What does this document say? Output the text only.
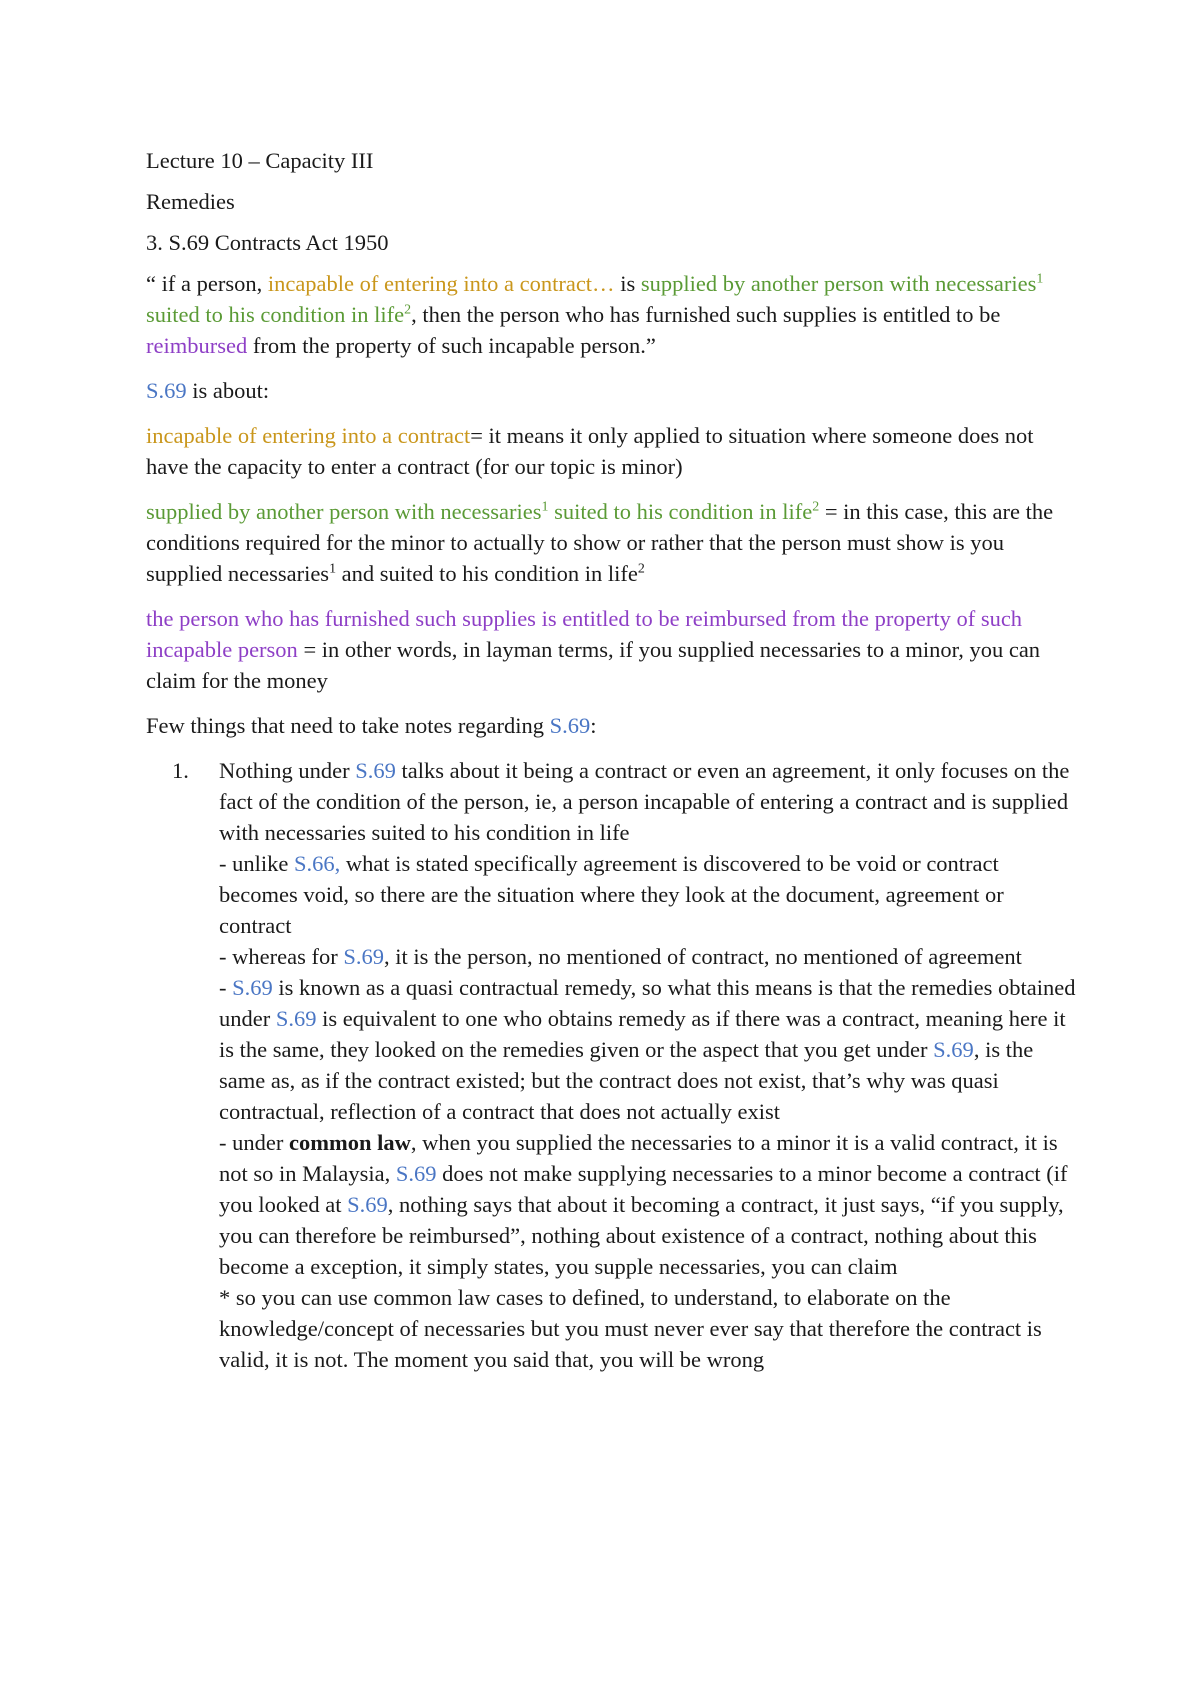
Lecture 10 – Capacity III

Remedies

3. S.69 Contracts Act 1950

“ if a person, incapable of entering into a contract… is supplied by another person with necessaries$^1$ suited to his condition in life$^2$, then the person who has furnished such supplies is entitled to be reimbursed from the property of such incapable person.”

S.69 is about:

incapable of entering into a contract= it means it only applied to situation where someone does not have the capacity to enter a contract (for our topic is minor)

supplied by another person with necessaries$^1$ suited to his condition in life$^2$ = in this case, this are the conditions required for the minor to actually to show or rather that the person must show is you supplied necessaries$^1$ and suited to his condition in life$^2$

the person who has furnished such supplies is entitled to be reimbursed from the property of such incapable person = in other words, in layman terms, if you supplied necessaries to a minor, you can claim for the money

Few things that need to take notes regarding S.69:

1. Nothing under S.69 talks about it being a contract or even an agreement, it only focuses on the fact of the condition of the person, ie, a person incapable of entering a contract and is supplied with necessaries suited to his condition in life
- unlike S.66, what is stated specifically agreement is discovered to be void or contract becomes void, so there are the situation where they look at the document, agreement or contract
- whereas for S.69, it is the person, no mentioned of contract, no mentioned of agreement
- S.69 is known as a quasi contractual remedy, so what this means is that the remedies obtained under S.69 is equivalent to one who obtains remedy as if there was a contract, meaning here it is the same, they looked on the remedies given or the aspect that you get under S.69, is the same as, as if the contract existed; but the contract does not exist, that’s why was quasi contractual, reflection of a contract that does not actually exist
- under common law, when you supplied the necessaries to a minor it is a valid contract, it is not so in Malaysia, S.69 does not make supplying necessaries to a minor become a contract (if you looked at S.69, nothing says that about it becoming a contract, it just says, “if you supply, you can therefore be reimbursed”, nothing about existence of a contract, nothing about this become a exception, it simply states, you supple necessaries, you can claim
* so you can use common law cases to defined, to understand, to elaborate on the knowledge/concept of necessaries but you must never ever say that therefore the contract is valid, it is not. The moment you said that, you will be wrong
